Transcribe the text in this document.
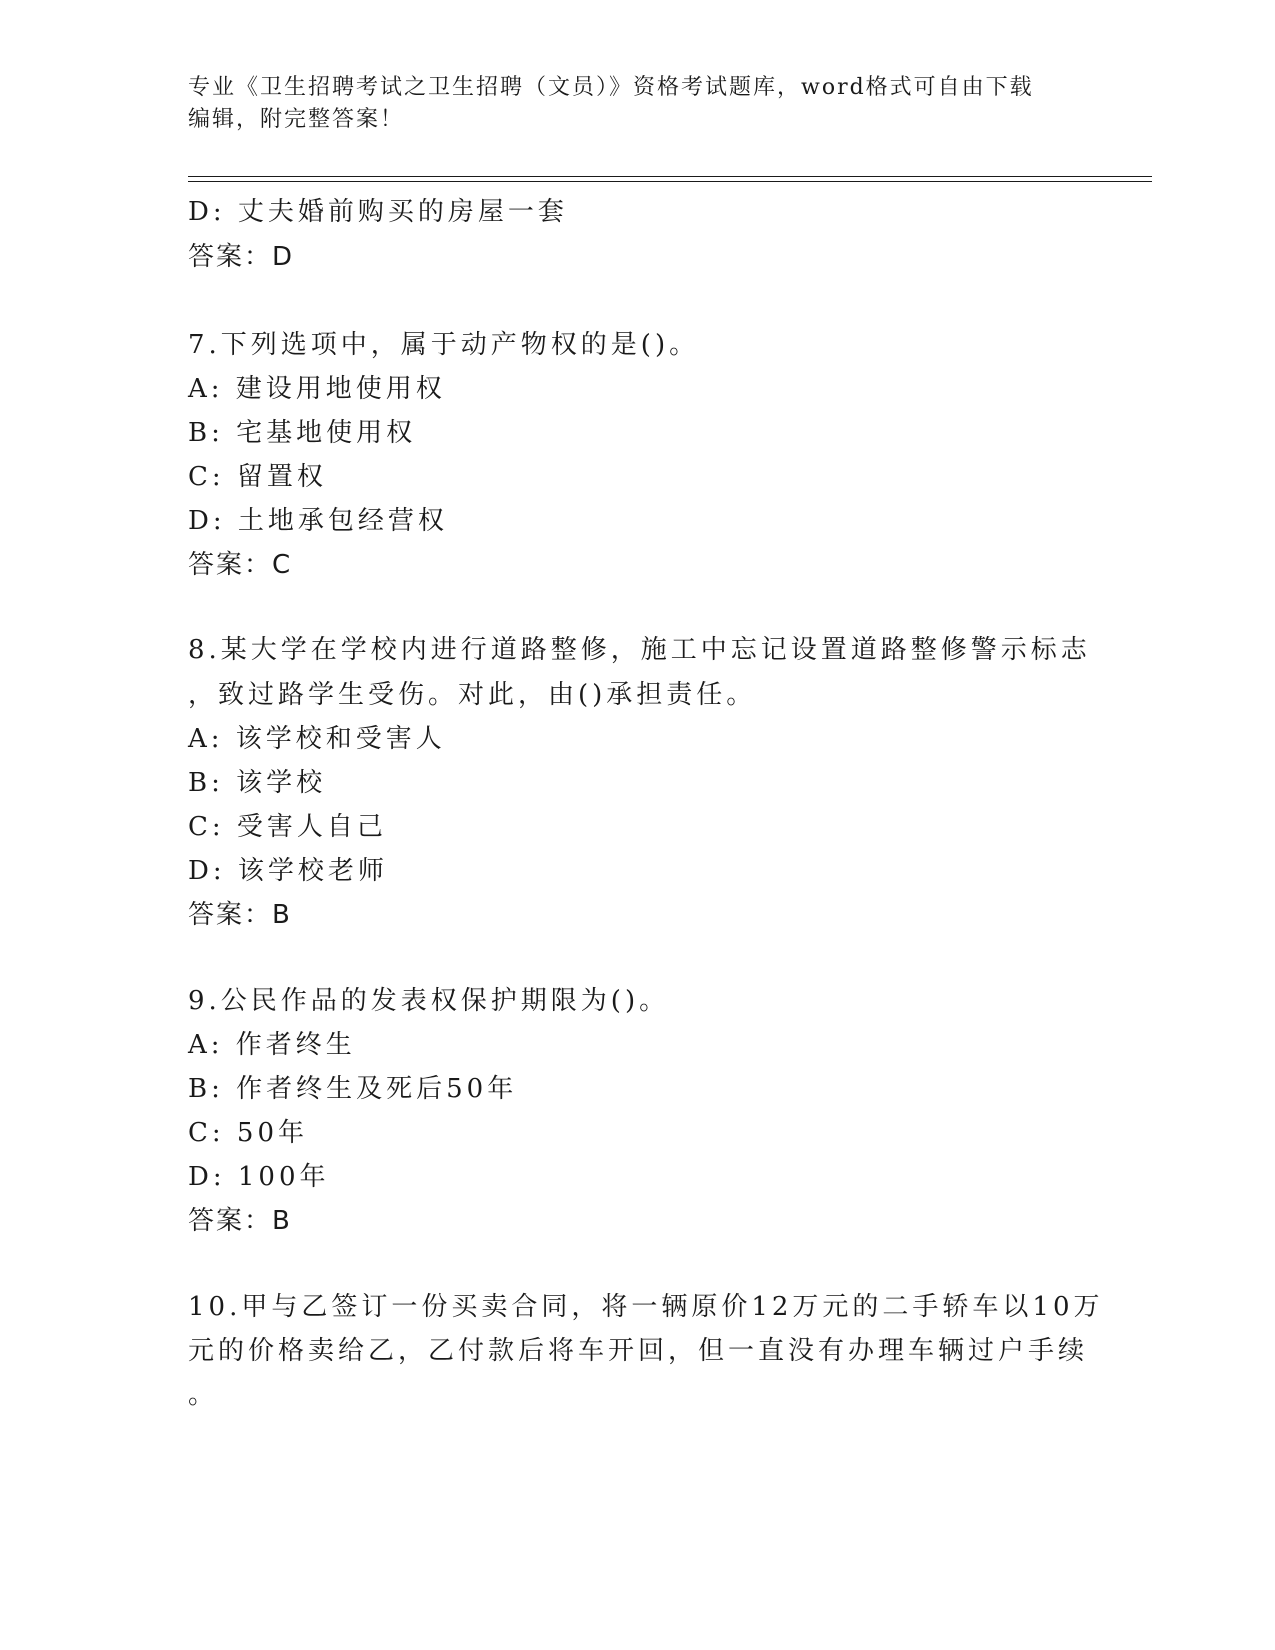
专业《卫生招聘考试之卫生招聘（文员）》资格考试题库，word格式可自由下载
编辑，附完整答案！
D: 丈夫婚前购买的房屋一套
答案：D
7.下列选项中，属于动产物权的是()。
A: 建设用地使用权
B: 宅基地使用权
C: 留置权
D: 土地承包经营权
答案：C
8.某大学在学校内进行道路整修，施工中忘记设置道路整修警示标志
，致过路学生受伤。对此，由()承担责任。
A: 该学校和受害人
B: 该学校
C: 受害人自己
D: 该学校老师
答案：B
9.公民作品的发表权保护期限为()。
A: 作者终生
B: 作者终生及死后50年
C: 50年
D: 100年
答案：B
10.甲与乙签订一份买卖合同，将一辆原价12万元的二手轿车以10万
元的价格卖给乙，乙付款后将车开回，但一直没有办理车辆过户手续
。
